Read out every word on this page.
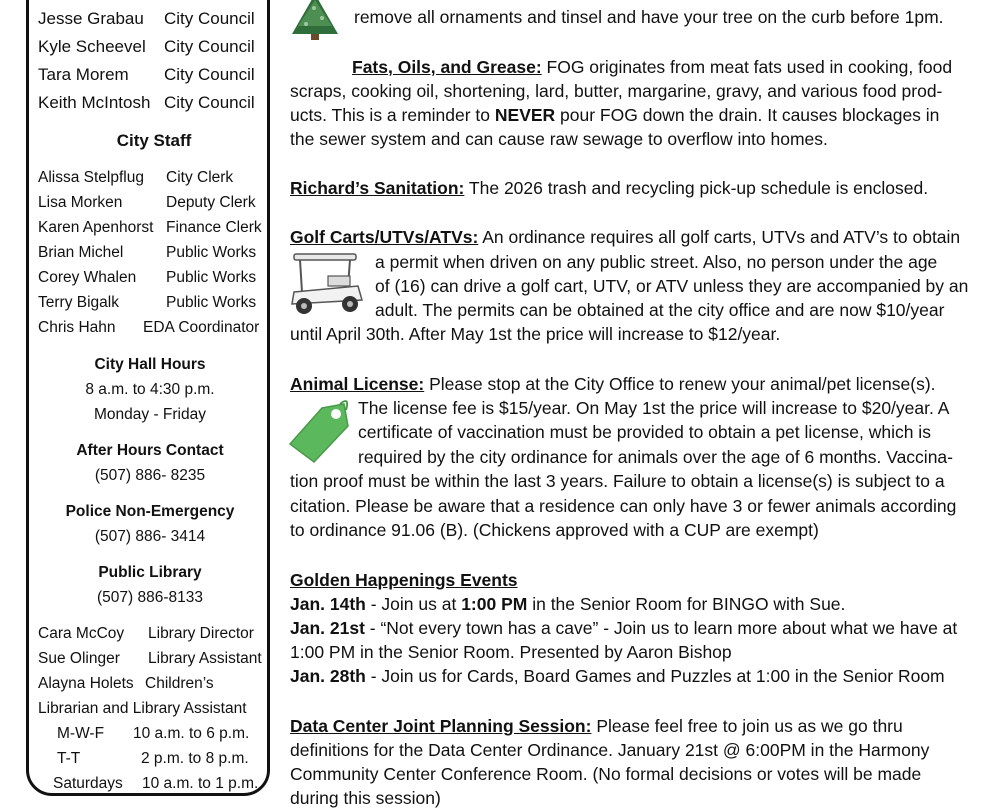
Jesse Grabau City Council
Kyle Scheevel City Council
Tara Morem City Council
Keith McIntosh City Council
City Staff
Alissa Stelpflug City Clerk
Lisa Morken	Deputy Clerk
Karen Apenhorst Finance Clerk
Brian Michel	Public Works
Corey Whalen Public Works
Terry Bigalk	Public Works
Chris Hahn EDA Coordinator
City Hall Hours
8 a.m. to 4:30 p.m.
Monday - Friday
After Hours Contact
(507) 886- 8235
Police Non-Emergency
(507) 886- 3414
Public Library
(507) 886-8133
Cara McCoy Library Director
Sue Olinger Library Assistant
Alayna Holets Children’s
Librarian and Library Assistant
M-W-F 10 a.m. to 6 p.m.
T-T	2 p.m. to 8 p.m.
Saturdays 10 a.m. to 1 p.m.
remove all ornaments and tinsel and have your tree on the curb before 1pm.
Fats, Oils, and Grease: FOG originates from meat fats used in cooking, food
scraps, cooking oil, shortening, lard, butter, margarine, gravy, and various food prod-
ucts. This is a reminder to NEVER pour FOG down the drain. It causes blockages in
the sewer system and can cause raw sewage to overflow into homes.
Richard’s Sanitation: The 2026 trash and recycling pick-up schedule is enclosed.
Golf Carts/UTVs/ATVs: An ordinance requires all golf carts, UTVs and ATV’s to obtain
a permit when driven on any public street. Also, no person under the age
of (16) can drive a golf cart, UTV, or ATV unless they are accompanied by an
adult. The permits can be obtained at the city office and are now $10/year
until April 30th. After May 1st the price will increase to $12/year.
Animal License: Please stop at the City Office to renew your animal/pet license(s).
The license fee is $15/year. On May 1st the price will increase to $20/year. A
certificate of vaccination must be provided to obtain a pet license, which is
required by the city ordinance for animals over the age of 6 months. Vaccina-
tion proof must be within the last 3 years. Failure to obtain a license(s) is subject to a
citation. Please be aware that a residence can only have 3 or fewer animals according
to ordinance 91.06 (B). (Chickens approved with a CUP are exempt)
Golden Happenings Events
Jan. 14th - Join us at 1:00 PM in the Senior Room for BINGO with Sue.
Jan. 21st - “Not every town has a cave” - Join us to learn more about what we have at
1:00 PM in the Senior Room. Presented by Aaron Bishop
Jan. 28th - Join us for Cards, Board Games and Puzzles at 1:00 in the Senior Room
Data Center Joint Planning Session: Please feel free to join us as we go thru
definitions for the Data Center Ordinance. January 21st @ 6:00PM in the Harmony
Community Center Conference Room. (No formal decisions or votes will be made
during this session)
